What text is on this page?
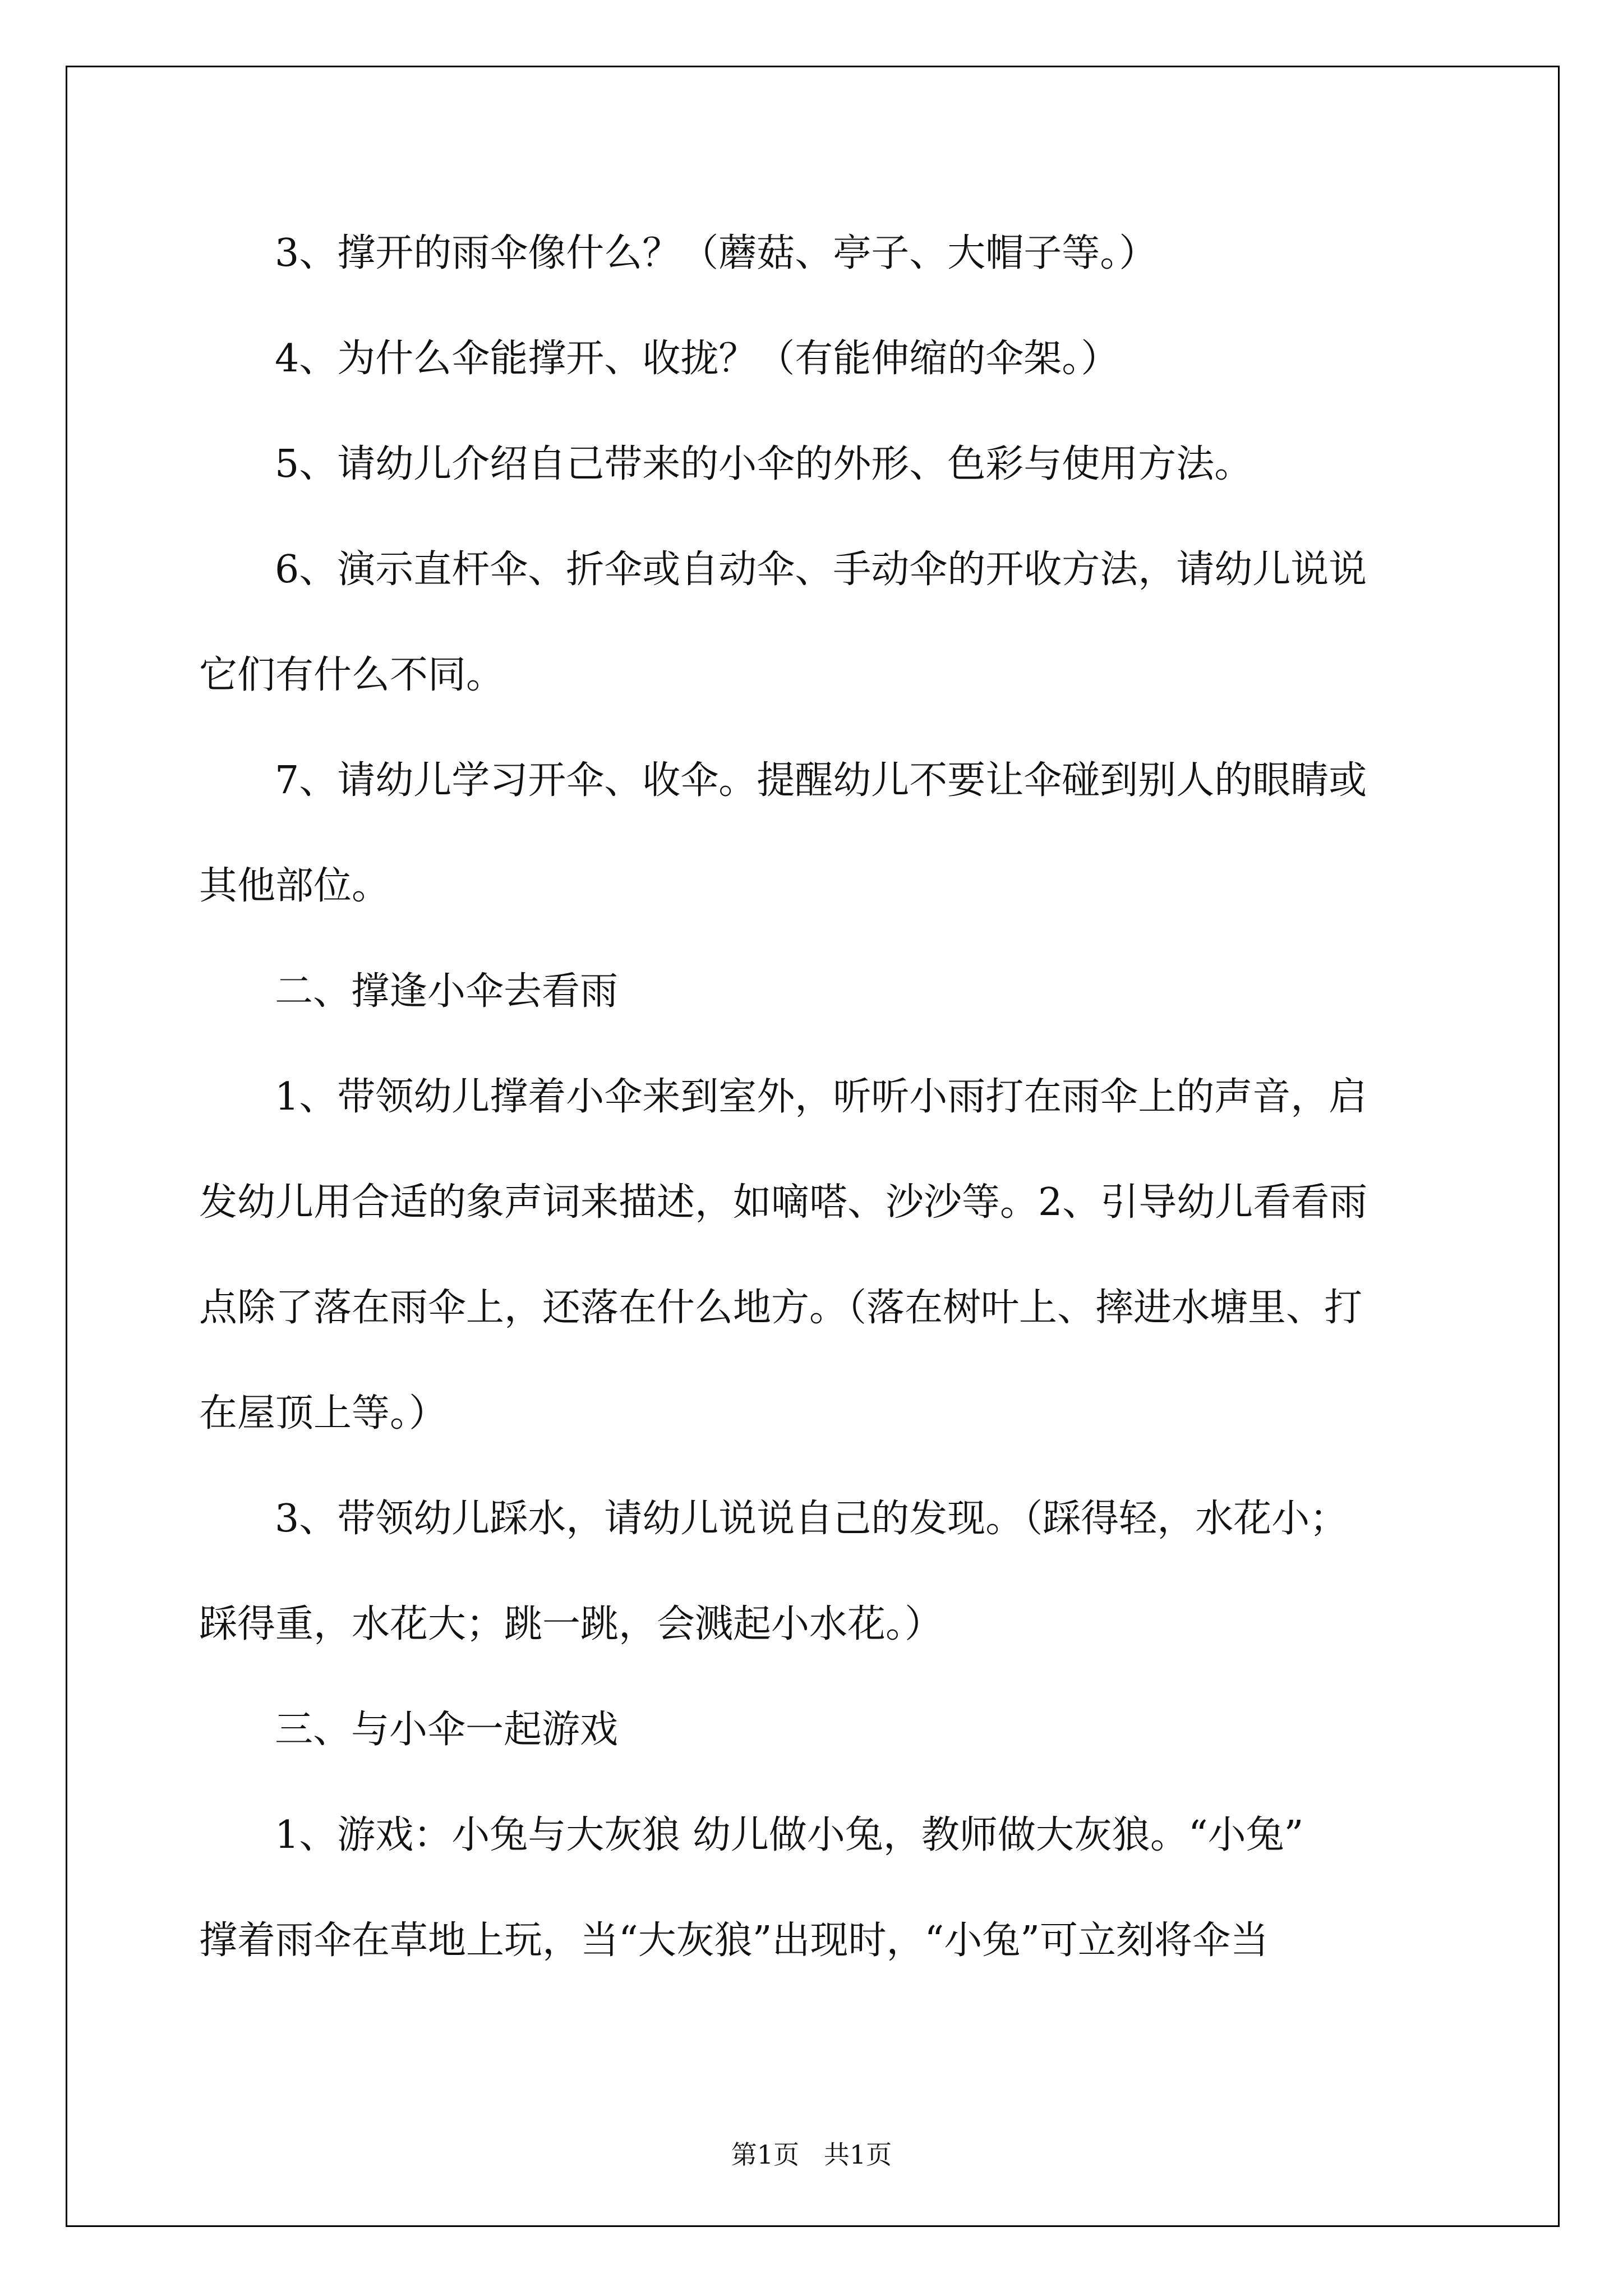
3、撑开的雨伞像什么？（蘑菇、亭子、大帽子等。）

4、为什么伞能撑开、收拢？（有能伸缩的伞架。）

5、请幼儿介绍自己带来的小伞的外形、色彩与使用方法。

6、演示直杆伞、折伞或自动伞、手动伞的开收方法，请幼儿说说

它们有什么不同。

7、请幼儿学习开伞、收伞。提醒幼儿不要让伞碰到别人的眼睛或

其他部位。

二、撑逢小伞去看雨

1、带领幼儿撑着小伞来到室外，听听小雨打在雨伞上的声音，启

发幼儿用合适的象声词来描述，如嘀嗒、沙沙等。2、引导幼儿看看雨

点除了落在雨伞上，还落在什么地方。（落在树叶上、摔进水塘里、打

在屋顶上等。）

3、带领幼儿踩水，请幼儿说说自己的发现。（踩得轻，水花小；

踩得重，水花大；跳一跳，会溅起小水花。）

三、与小伞一起游戏

1、游戏：小兔与大灰狼 幼儿做小兔，教师做大灰狼。“小兔”

撑着雨伞在草地上玩，当“大灰狼”出现时，“小兔”可立刻将伞当

第1页   共1页
